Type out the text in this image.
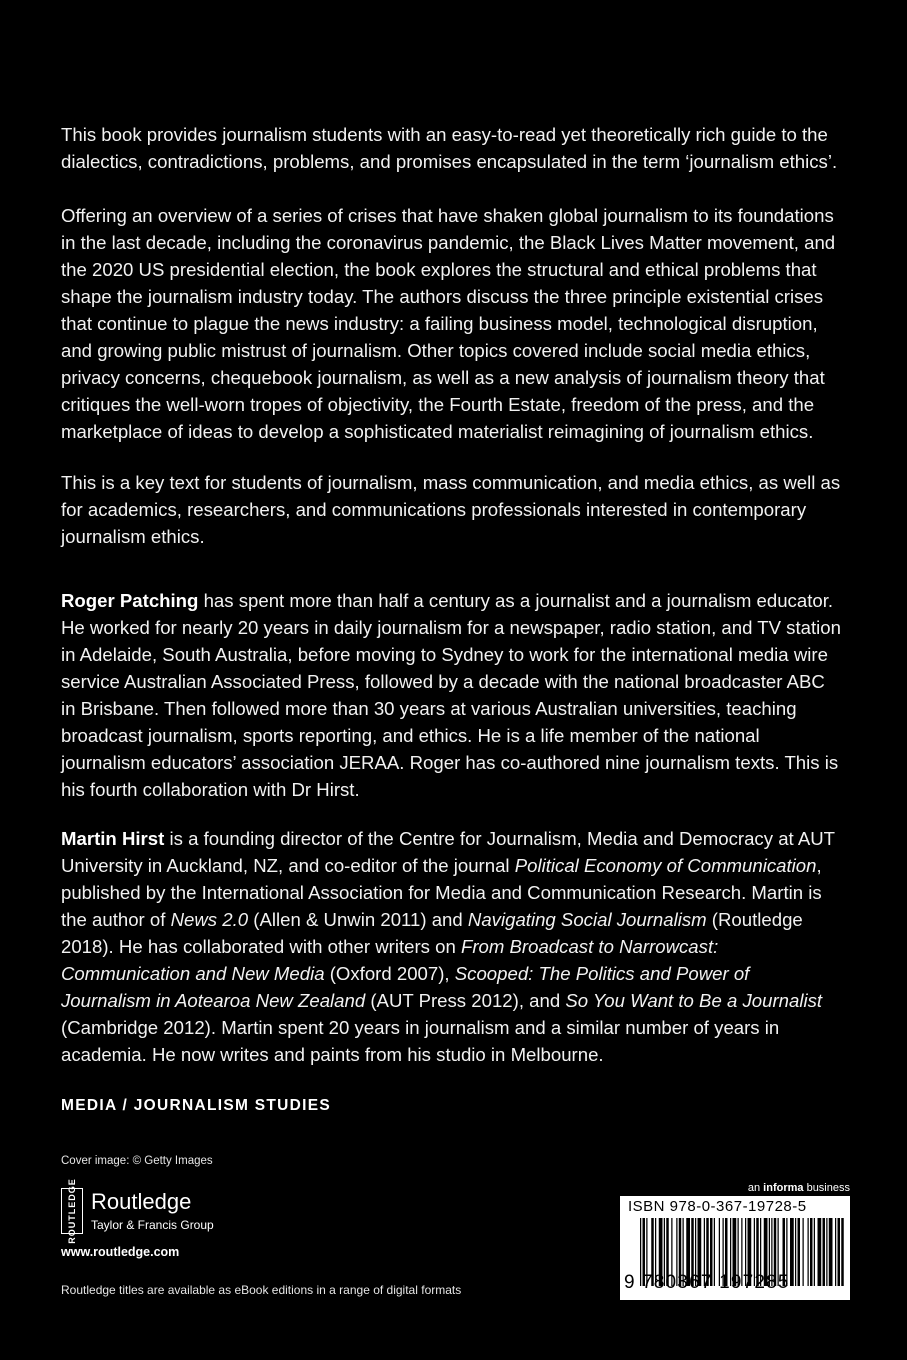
This book provides journalism students with an easy-to-read yet theoretically rich guide to the dialectics, contradictions, problems, and promises encapsulated in the term ‘journalism ethics’.

Offering an overview of a series of crises that have shaken global journalism to its foundations in the last decade, including the coronavirus pandemic, the Black Lives Matter movement, and the 2020 US presidential election, the book explores the structural and ethical problems that shape the journalism industry today. The authors discuss the three principle existential crises that continue to plague the news industry: a failing business model, technological disruption, and growing public mistrust of journalism. Other topics covered include social media ethics, privacy concerns, chequebook journalism, as well as a new analysis of journalism theory that critiques the well-worn tropes of objectivity, the Fourth Estate, freedom of the press, and the marketplace of ideas to develop a sophisticated materialist reimagining of journalism ethics.

This is a key text for students of journalism, mass communication, and media ethics, as well as for academics, researchers, and communications professionals interested in contemporary journalism ethics.

Roger Patching has spent more than half a century as a journalist and a journalism educator. He worked for nearly 20 years in daily journalism for a newspaper, radio station, and TV station in Adelaide, South Australia, before moving to Sydney to work for the international media wire service Australian Associated Press, followed by a decade with the national broadcaster ABC in Brisbane. Then followed more than 30 years at various Australian universities, teaching broadcast journalism, sports reporting, and ethics. He is a life member of the national journalism educators’ association JERAA. Roger has co-authored nine journalism texts. This is his fourth collaboration with Dr Hirst.

Martin Hirst is a founding director of the Centre for Journalism, Media and Democracy at AUT University in Auckland, NZ, and co-editor of the journal Political Economy of Communication, published by the International Association for Media and Communication Research. Martin is the author of News 2.0 (Allen & Unwin 2011) and Navigating Social Journalism (Routledge 2018). He has collaborated with other writers on From Broadcast to Narrowcast: Communication and New Media (Oxford 2007), Scooped: The Politics and Power of Journalism in Aotearoa New Zealand (AUT Press 2012), and So You Want to Be a Journalist (Cambridge 2012). Martin spent 20 years in journalism and a similar number of years in academia. He now writes and paints from his studio in Melbourne.

MEDIA / JOURNALISM STUDIES
Cover image: © Getty Images
ROUTLEDGE Routledge
Taylor & Francis Group
www.routledge.com
Routledge titles are available as eBook editions in a range of digital formats
an informa business
ISBN 978-0-367-19728-5
9 780367 197285
